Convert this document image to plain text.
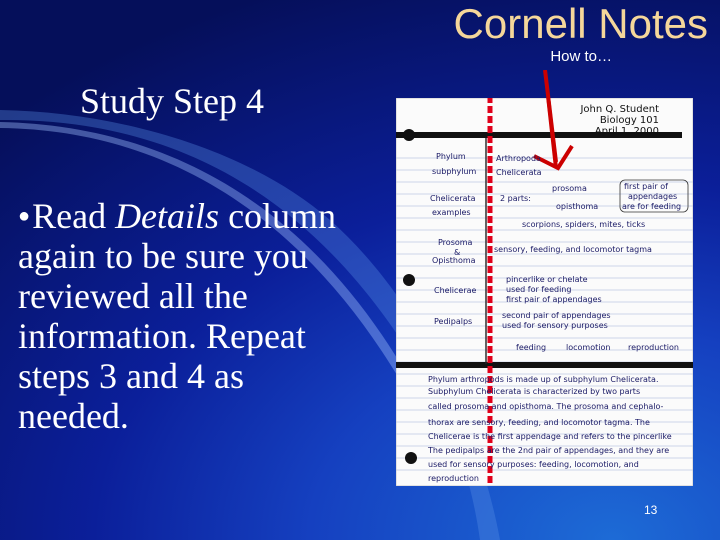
Cornell Notes
How to…
Study Step 4
●Read Details column again to be sure you reviewed all the information. Repeat steps 3 and 4 as needed.
John Q. Student
Biology 101
April 1, 2000
Phylum
subphylum
Chelicerata
examples
Prosoma
&
Opisthoma
Chelicerae
Pedipalps
Arthropoda
Chelicerata
2 parts:
prosoma
opisthoma
first pair of
appendages
are for feeding
scorpions, spiders, mites, ticks
sensory, feeding, and locomotor tagma
pincerlike or chelate
used for feeding
first pair of appendages
second pair of appendages
used for sensory purposes
feeding locomotion reproduction
Phylum arthropods is made up of subphylum Chelicerata.
Subphylum Chelicerata is characterized by two parts
called prosoma and opisthoma. The prosoma and cephalo-
thorax are sensory, feeding, and locomotor tagma. The
Chelicerae is the first appendage and refers to the pincerlike
The pedipalps are the 2nd pair of appendages, and they are
used for sensory purposes: feeding, locomotion, and
reproduction
13
